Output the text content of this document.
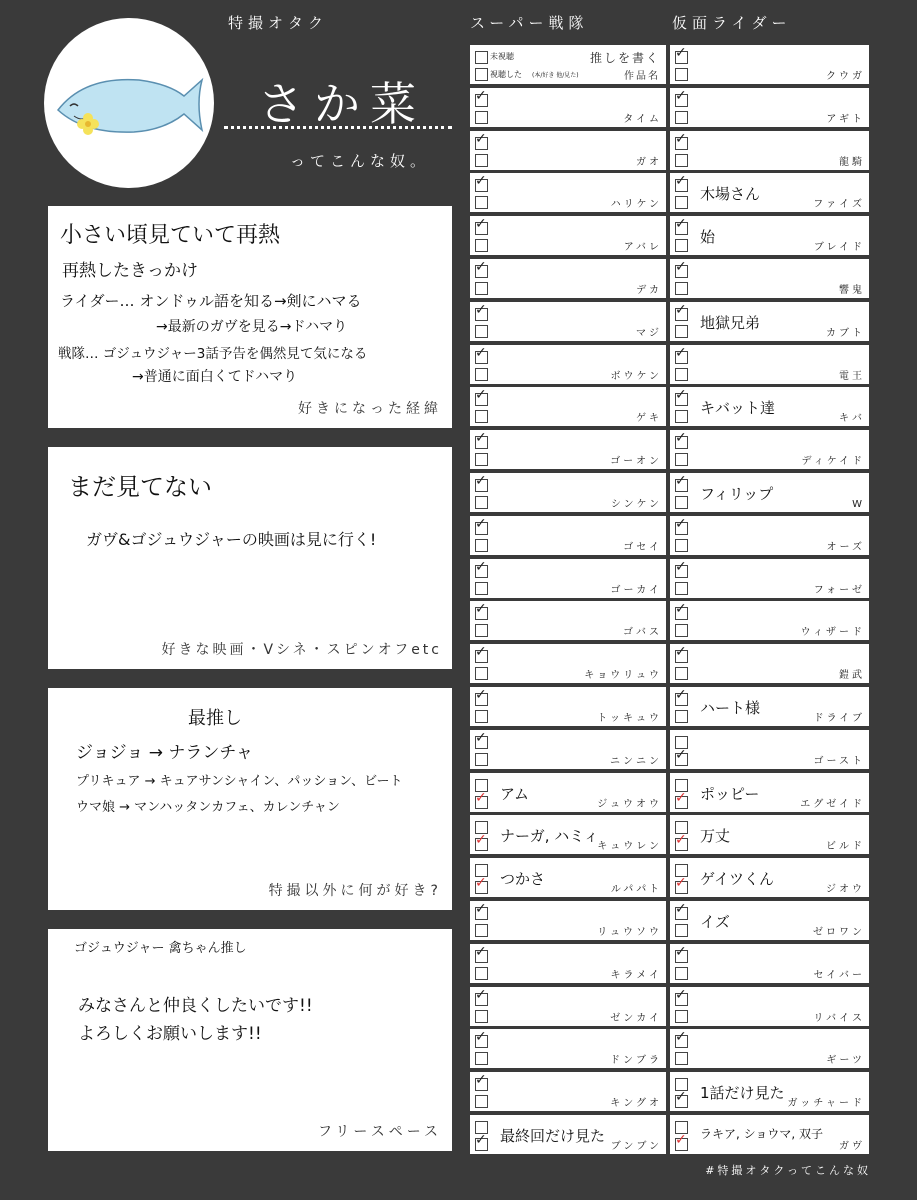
特撮オタク	スーパー戦隊	仮面ライダー
さか菜
ってこんな奴。
小さい頃見ていて再熱
再熱したきっかけ
ライダー… オンドゥル語を知る→剣にハマる
→最新のガヴを見る→ドハマり
戦隊… ゴジュウジャー3話予告を偶然見て気になる
→普通に面白くてドハマり
好きになった経緯
まだ見てない
ガヴ&ゴジュウジャーの映画は見に行く!
好きな映画・Vシネ・スピンオフetc
最推し
ジョジョ → ナランチャ
プリキュア → キュアサンシャイン、パッション、ビート
ウマ娘 → マンハッタンカフェ、カレンチャン
特撮以外に何が好き?
ゴジュウジャー 禽ちゃん推し
みなさんと仲良くしたいです!!
よろしくお願いします!!
フリースペース
未視聴
視聴した (本/好き 他/見た)
推しを書く
作品名
✓
タイム
✓
ガオ
✓
ハリケン
✓
アバレ
✓
デカ
✓
マジ
✓
ボウケン
✓
ゲキ
✓
ゴーオン
✓
シンケン
✓
ゴセイ
✓
ゴーカイ
✓
ゴバス
✓
キョウリュウ
✓
トッキュウ
✓
ニンニン
✓
アム
ジュウオウ
✓
ナーガ, ハミィ
キュウレン
✓
つかさ
ルパパト
✓
リュウソウ
✓
キラメイ
✓
ゼンカイ
✓
ドンブラ
✓
キングオ
✓
最終回だけ見た
ブンブン
✓
クウガ
✓
アギト
✓
龍騎
✓
木場さん
ファイズ
✓
始
ブレイド
✓
響鬼
✓
地獄兄弟
カブト
✓
電王
✓
キバット達
キバ
✓
ディケイド
✓
フィリップ
W
✓
オーズ
✓
フォーゼ
✓
ウィザード
✓
鎧武
✓
ハート様
ドライブ
✓
ゴースト
✓
ポッピー
エグゼイド
✓
万丈
ビルド
✓
ゲイツくん
ジオウ
✓
イズ
ゼロワン
✓
セイバー
✓
リバイス
✓
ギーツ
✓
1話だけ見た
ガッチャード
✓
ラキア, ショウマ, 双子
ガヴ
#特撮オタクってこんな奴
